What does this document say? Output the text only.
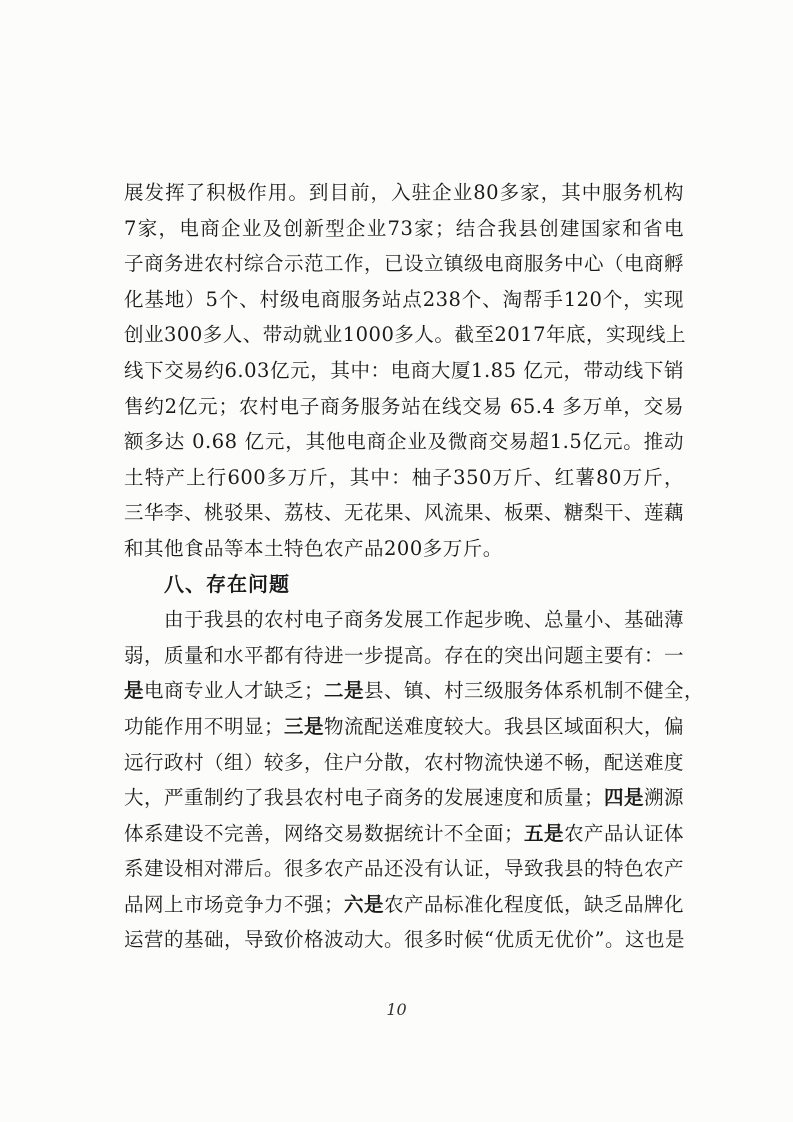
展发挥了积极作用。到目前，入驻企业80多家，其中服务机构
7家，电商企业及创新型企业73家；结合我县创建国家和省电
子商务进农村综合示范工作，已设立镇级电商服务中心（电商孵
化基地）5个、村级电商服务站点238个、淘帮手120个，实现
创业300多人、带动就业1000多人。截至2017年底，实现线上
线下交易约6.03亿元，其中：电商大厦1.85 亿元，带动线下销
售约2亿元；农村电子商务服务站在线交易 65.4 多万单，交易
额多达 0.68 亿元，其他电商企业及微商交易超1.5亿元。推动
土特产上行600多万斤，其中：柚子350万斤、红薯80万斤，
三华李、桃驳果、荔枝、无花果、风流果、板栗、糖梨干、莲藕
和其他食品等本土特色农产品200多万斤。
八、存在问题
由于我县的农村电子商务发展工作起步晚、总量小、基础薄
弱，质量和水平都有待进一步提高。存在的突出问题主要有：一
是电商专业人才缺乏；二是县、镇、村三级服务体系机制不健全，
功能作用不明显；三是物流配送难度较大。我县区域面积大，偏
远行政村（组）较多，住户分散，农村物流快递不畅，配送难度
大，严重制约了我县农村电子商务的发展速度和质量；四是溯源
体系建设不完善，网络交易数据统计不全面；五是农产品认证体
系建设相对滞后。很多农产品还没有认证，导致我县的特色农产
品网上市场竞争力不强；六是农产品标准化程度低，缺乏品牌化
运营的基础，导致价格波动大。很多时候“优质无优价”。这也是
10
